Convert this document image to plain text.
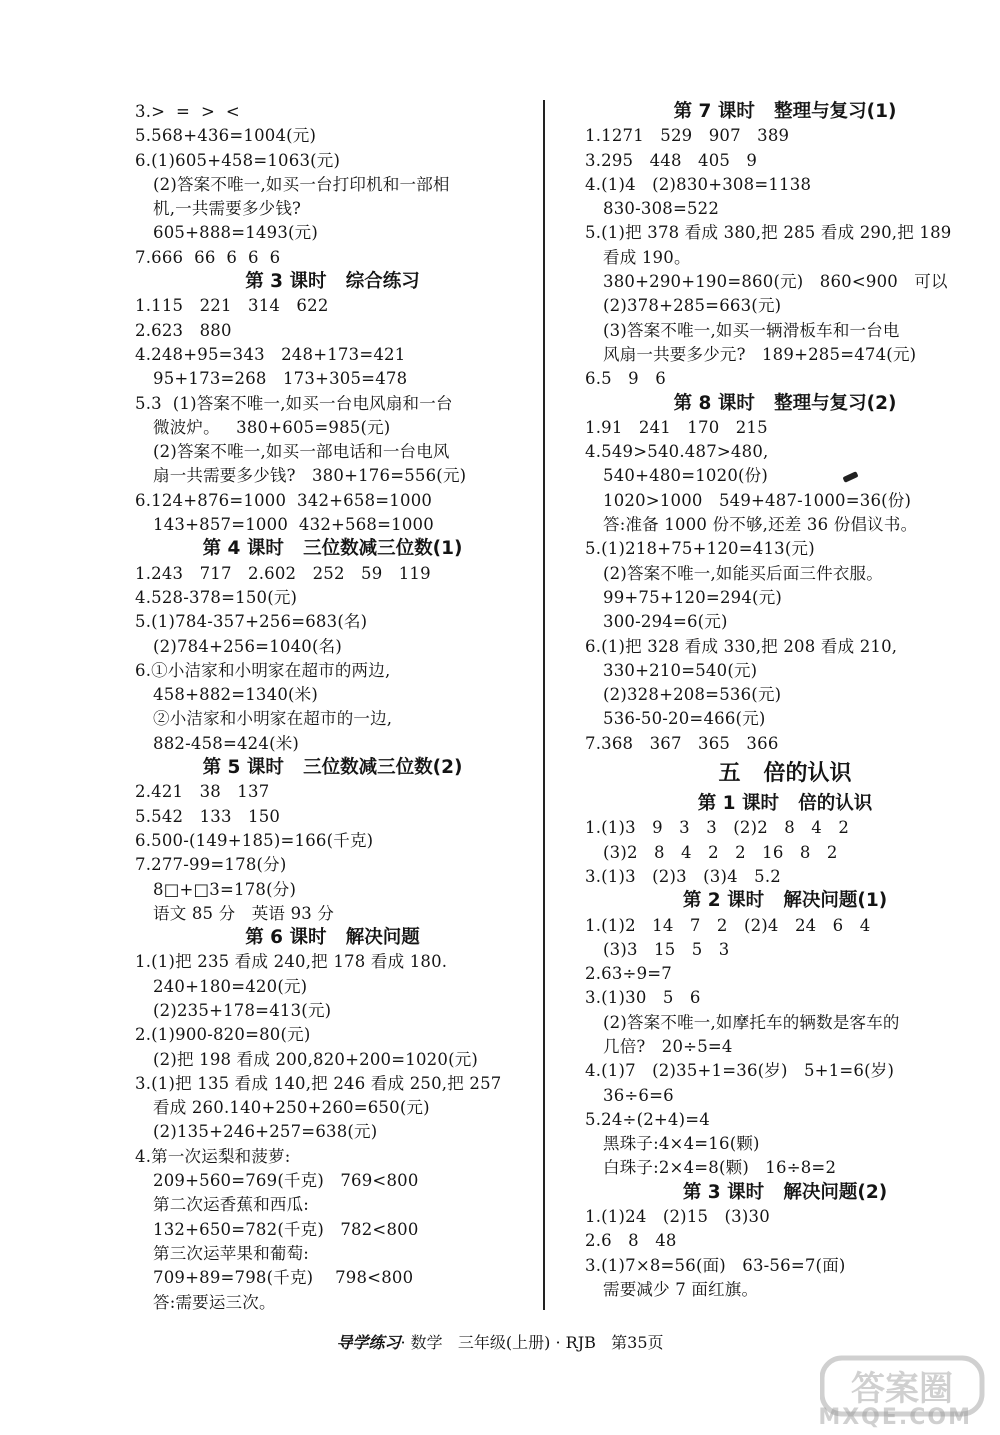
3.>  =  >  <
5.568+436=1004(元)
6.(1)605+458=1063(元)
(2)答案不唯一,如买一台打印机和一部相
机,一共需要多少钱?
605+888=1493(元)
7.666  66  6  6  6
第 3 课时   综合练习
1.115   221   314   622
2.623   880
4.248+95=343   248+173=421
95+173=268   173+305=478
5.3  (1)答案不唯一,如买一台电风扇和一台
微波炉。   380+605=985(元)
(2)答案不唯一,如买一部电话和一台电风
扇一共需要多少钱?   380+176=556(元)
6.124+876=1000  342+658=1000
143+857=1000  432+568=1000
第 4 课时   三位数减三位数(1)
1.243   717   2.602   252   59   119
4.528-378=150(元)
5.(1)784-357+256=683(名)
(2)784+256=1040(名)
6.①小洁家和小明家在超市的两边,
458+882=1340(米)
②小洁家和小明家在超市的一边,
882-458=424(米)
第 5 课时   三位数减三位数(2)
2.421   38   137
5.542   133   150
6.500-(149+185)=166(千克)
7.277-99=178(分)
8□+□3=178(分)
语文 85 分   英语 93 分
第 6 课时   解决问题
1.(1)把 235 看成 240,把 178 看成 180.
240+180=420(元)
(2)235+178=413(元)
2.(1)900-820=80(元)
(2)把 198 看成 200,820+200=1020(元)
3.(1)把 135 看成 140,把 246 看成 250,把 257
看成 260.140+250+260=650(元)
(2)135+246+257=638(元)
4.第一次运梨和菠萝:
209+560=769(千克)   769<800
第二次运香蕉和西瓜:
132+650=782(千克)   782<800
第三次运苹果和葡萄:
709+89=798(千克)    798<800
答:需要运三次。
第 7 课时   整理与复习(1)
1.1271   529   907   389
3.295   448   405   9
4.(1)4   (2)830+308=1138
830-308=522
5.(1)把 378 看成 380,把 285 看成 290,把 189
看成 190。
380+290+190=860(元)   860<900   可以
(2)378+285=663(元)
(3)答案不唯一,如买一辆滑板车和一台电
风扇一共要多少元?   189+285=474(元)
6.5   9   6
第 8 课时   整理与复习(2)
1.91   241   170   215
4.549>540.487>480,
540+480=1020(份)
1020>1000   549+487-1000=36(份)
答:准备 1000 份不够,还差 36 份倡议书。
5.(1)218+75+120=413(元)
(2)答案不唯一,如能买后面三件衣服。
99+75+120=294(元)
300-294=6(元)
6.(1)把 328 看成 330,把 208 看成 210,
330+210=540(元)
(2)328+208=536(元)
536-50-20=466(元)
7.368   367   365   366
五   倍的认识
第 1 课时   倍的认识
1.(1)3   9   3   3   (2)2   8   4   2
(3)2   8   4   2   2   16   8   2
3.(1)3   (2)3   (3)4   5.2
第 2 课时   解决问题(1)
1.(1)2   14   7   2   (2)4   24   6   4
(3)3   15   5   3
2.63÷9=7
3.(1)30   5   6
(2)答案不唯一,如摩托车的辆数是客车的
几倍?   20÷5=4
4.(1)7   (2)35+1=36(岁)   5+1=6(岁)
36÷6=6
5.24÷(2+4)=4
黑珠子:4×4=16(颗)
白珠子:2×4=8(颗)   16÷8=2
第 3 课时   解决问题(2)
1.(1)24   (2)15   (3)30
2.6   8   48
3.(1)7×8=56(面)   63-56=7(面)
需要减少 7 面红旗。
导学练习· 数学   三年级(上册) · RJB   第35页
答案圈
MXQE.COM
